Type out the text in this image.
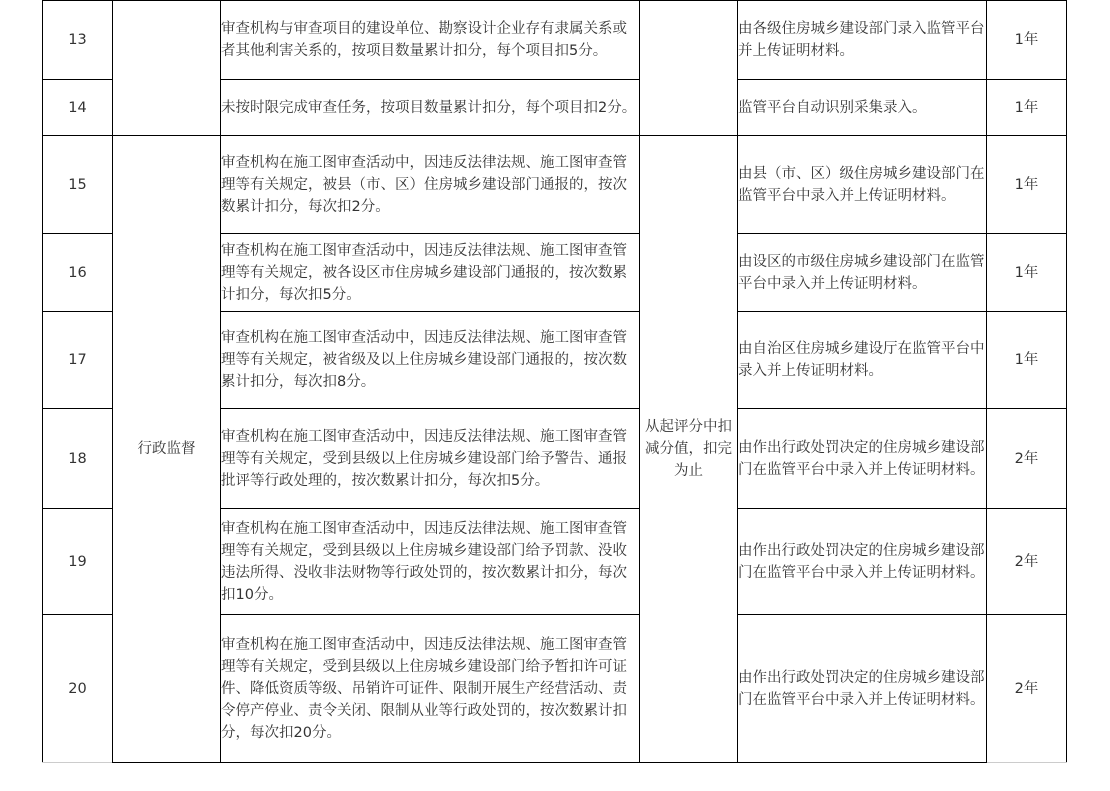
13		审查机构与审查项目的建设单位、勘察设计企业存有隶属关系或者其他利害关系的，按项目数量累计扣分，每个项目扣5分。		由各级住房城乡建设部门录入监管平台并上传证明材料。	1年
14		未按时限完成审查任务，按项目数量累计扣分，每个项目扣2分。		监管平台自动识别采集录入。	1年
15	行政监督	审查机构在施工图审查活动中，因违反法律法规、施工图审查管理等有关规定，被县（市、区）住房城乡建设部门通报的，按次数累计扣分，每次扣2分。	从起评分中扣减分值，扣完为止	由县（市、区）级住房城乡建设部门在监管平台中录入并上传证明材料。	1年
16		审查机构在施工图审查活动中，因违反法律法规、施工图审查管理等有关规定，被各设区市住房城乡建设部门通报的，按次数累计扣分，每次扣5分。		由设区的市级住房城乡建设部门在监管平台中录入并上传证明材料。	1年
17		审查机构在施工图审查活动中，因违反法律法规、施工图审查管理等有关规定，被省级及以上住房城乡建设部门通报的，按次数累计扣分，每次扣8分。		由自治区住房城乡建设厅在监管平台中录入并上传证明材料。	1年
18		审查机构在施工图审查活动中，因违反法律法规、施工图审查管理等有关规定，受到县级以上住房城乡建设部门给予警告、通报批评等行政处理的，按次数累计扣分，每次扣5分。		由作出行政处罚决定的住房城乡建设部门在监管平台中录入并上传证明材料。	2年
19		审查机构在施工图审查活动中，因违反法律法规、施工图审查管理等有关规定，受到县级以上住房城乡建设部门给予罚款、没收违法所得、没收非法财物等行政处罚的，按次数累计扣分，每次扣10分。		由作出行政处罚决定的住房城乡建设部门在监管平台中录入并上传证明材料。	2年
20		审查机构在施工图审查活动中，因违反法律法规、施工图审查管理等有关规定，受到县级以上住房城乡建设部门给予暂扣许可证件、降低资质等级、吊销许可证件、限制开展生产经营活动、责令停产停业、责令关闭、限制从业等行政处罚的，按次数累计扣分，每次扣20分。		由作出行政处罚决定的住房城乡建设部门在监管平台中录入并上传证明材料。	2年
